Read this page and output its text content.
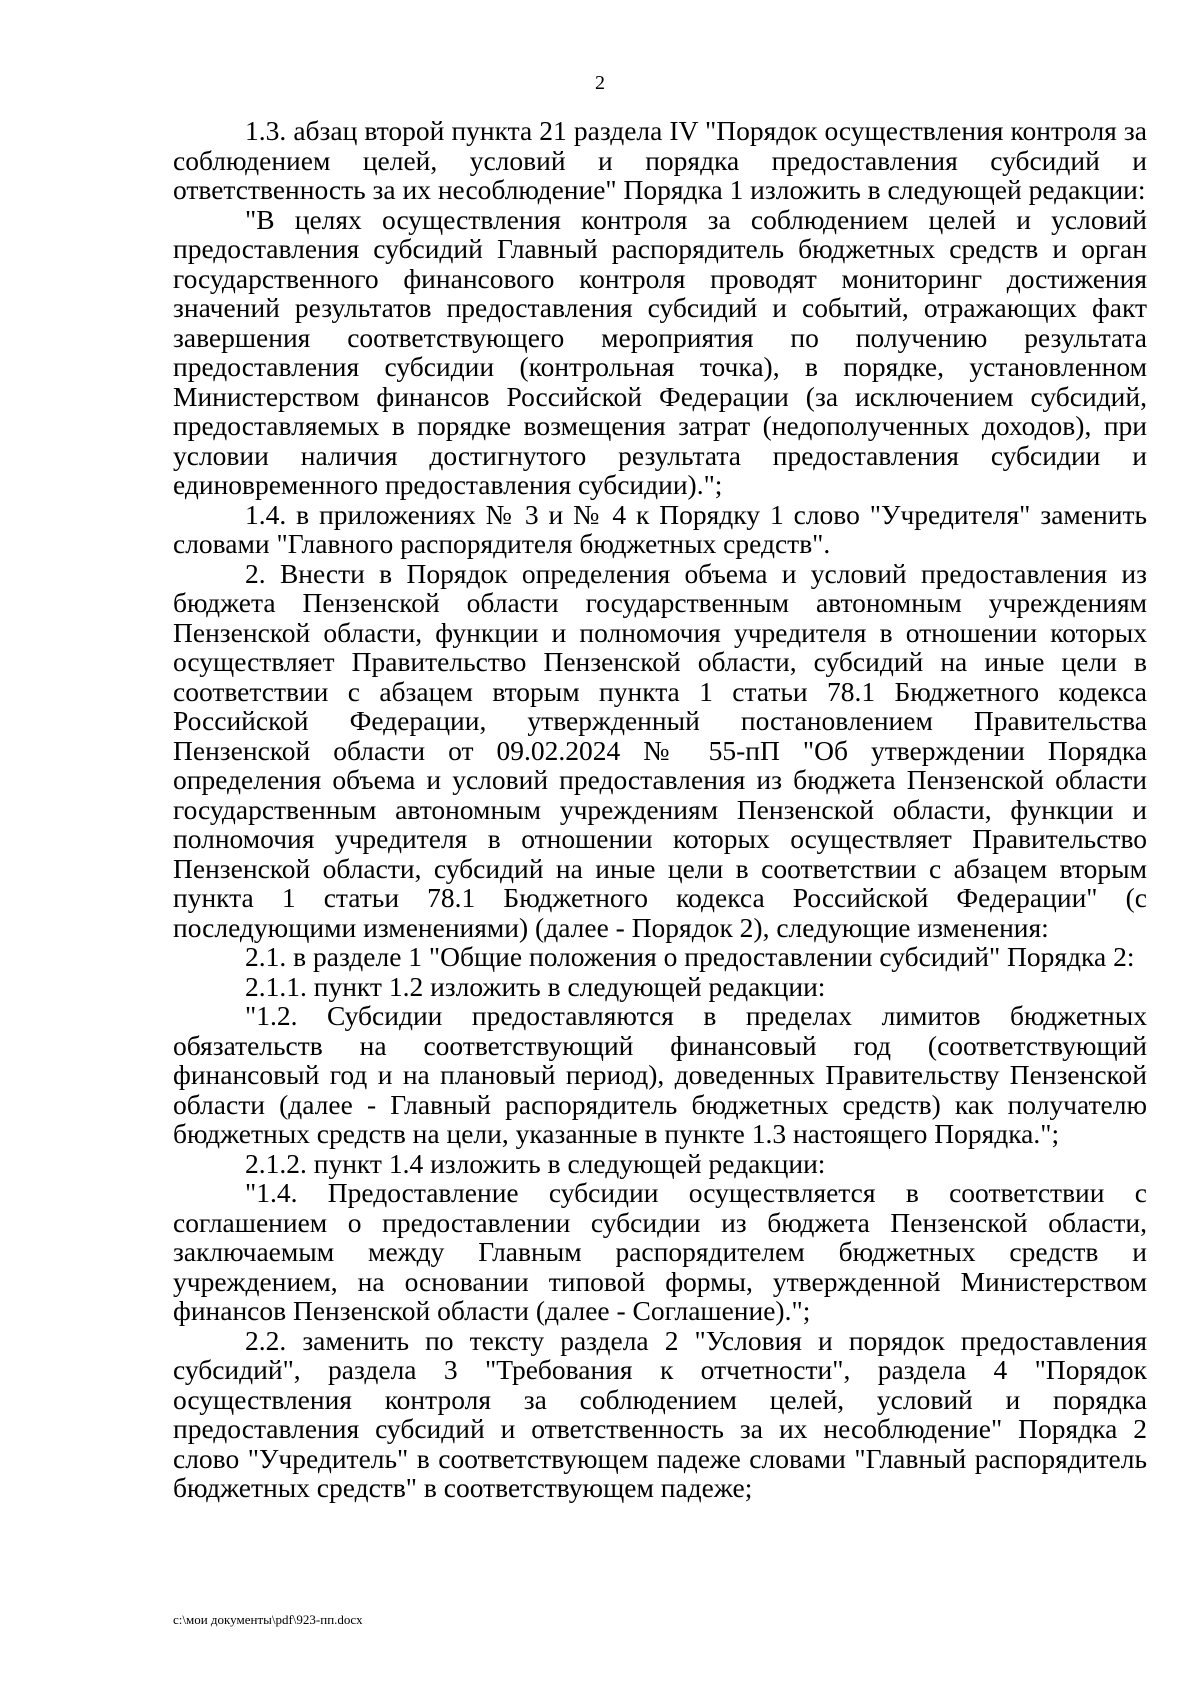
2

1.3. абзац второй пункта 21 раздела IV "Порядок осуществления контроля за соблюдением целей, условий и порядка предоставления субсидий и ответственность за их несоблюдение" Порядка 1 изложить в следующей редакции:

"В целях осуществления контроля за соблюдением целей и условий предоставления субсидий Главный распорядитель бюджетных средств и орган государственного финансового контроля проводят мониторинг достижения значений результатов предоставления субсидий и событий, отражающих факт завершения соответствующего мероприятия по получению результата предоставления субсидии (контрольная точка), в порядке, установленном Министерством финансов Российской Федерации (за исключением субсидий, предоставляемых в порядке возмещения затрат (недополученных доходов), при условии наличия достигнутого результата предоставления субсидии и единовременного предоставления субсидии).";

1.4. в приложениях № 3 и № 4 к Порядку 1 слово "Учредителя" заменить словами "Главного распорядителя бюджетных средств".

2. Внести в Порядок определения объема и условий предоставления из бюджета Пензенской области государственным автономным учреждениям Пензенской области, функции и полномочия учредителя в отношении которых осуществляет Правительство Пензенской области, субсидий на иные цели в соответствии с абзацем вторым пункта 1 статьи 78.1 Бюджетного кодекса Российской Федерации, утвержденный постановлением Правительства Пензенской области от 09.02.2024 № 55-пП "Об утверждении Порядка определения объема и условий предоставления из бюджета Пензенской области государственным автономным учреждениям Пензенской области, функции и полномочия учредителя в отношении которых осуществляет Правительство Пензенской области, субсидий на иные цели в соответствии с абзацем вторым пункта 1 статьи 78.1 Бюджетного кодекса Российской Федерации" (с последующими изменениями) (далее - Порядок 2), следующие изменения:

2.1. в разделе 1 "Общие положения о предоставлении субсидий" Порядка 2:

2.1.1. пункт 1.2 изложить в следующей редакции:

"1.2. Субсидии предоставляются в пределах лимитов бюджетных обязательств на соответствующий финансовый год (соответствующий финансовый год и на плановый период), доведенных Правительству Пензенской области (далее - Главный распорядитель бюджетных средств) как получателю бюджетных средств на цели, указанные в пункте 1.3 настоящего Порядка.";

2.1.2. пункт 1.4 изложить в следующей редакции:

"1.4. Предоставление субсидии осуществляется в соответствии с соглашением о предоставлении субсидии из бюджета Пензенской области, заключаемым между Главным распорядителем бюджетных средств и учреждением, на основании типовой формы, утвержденной Министерством финансов Пензенской области (далее - Соглашение).";

2.2. заменить по тексту раздела 2 "Условия и порядок предоставления субсидий", раздела 3 "Требования к отчетности", раздела 4 "Порядок осуществления контроля за соблюдением целей, условий и порядка предоставления субсидий и ответственность за их несоблюдение" Порядка 2 слово "Учредитель" в соответствующем падеже словами "Главный распорядитель бюджетных средств" в соответствующем падеже;

c:\мои документы\pdf\923-пп.docx
